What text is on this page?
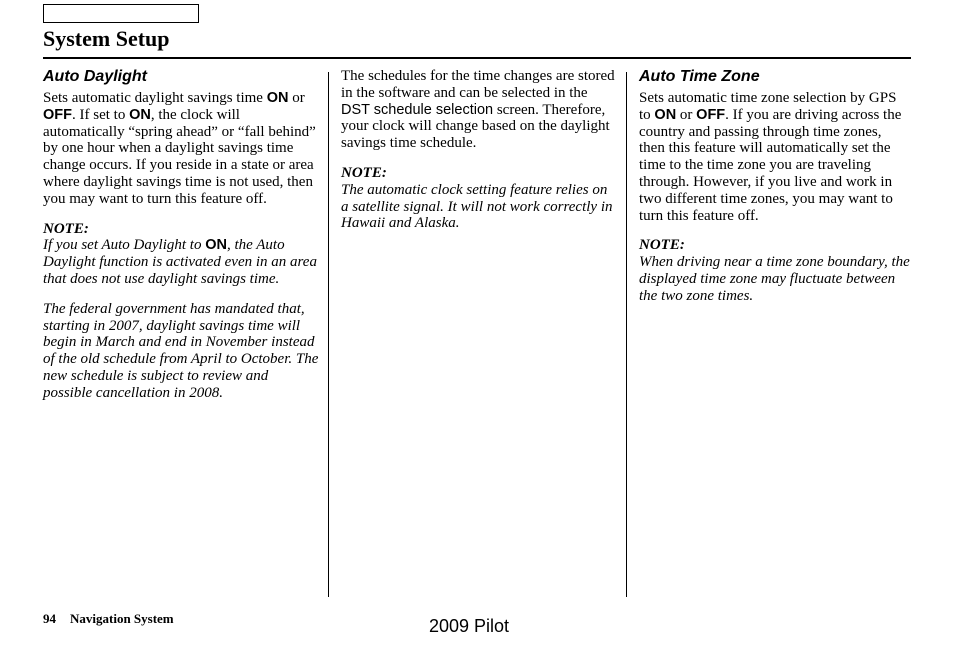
System Setup
Auto Daylight

Sets automatic daylight savings time ON or OFF. If set to ON, the clock will automatically “spring ahead” or “fall behind” by one hour when a daylight savings time change occurs. If you reside in a state or area where daylight savings time is not used, then you may want to turn this feature off.

NOTE:

If you set Auto Daylight to ON, the Auto Daylight function is activated even in an area that does not use daylight savings time.

The federal government has mandated that, starting in 2007, daylight savings time will begin in March and end in November instead of the old schedule from April to October. The new schedule is subject to review and possible cancellation in 2008.

The schedules for the time changes are stored in the software and can be selected in the DST schedule selection screen. Therefore, your clock will change based on the daylight savings time schedule.

NOTE:

The automatic clock setting feature relies on a satellite signal. It will not work correctly in Hawaii and Alaska.

Auto Time Zone

Sets automatic time zone selection by GPS to ON or OFF. If you are driving across the country and passing through time zones, then this feature will automatically set the time to the time zone you are traveling through. However, if you live and work in two different time zones, you may want to turn this feature off.

NOTE:

When driving near a time zone boundary, the displayed time zone may fluctuate between the two zone times.

94 Navigation System	2009 Pilot
